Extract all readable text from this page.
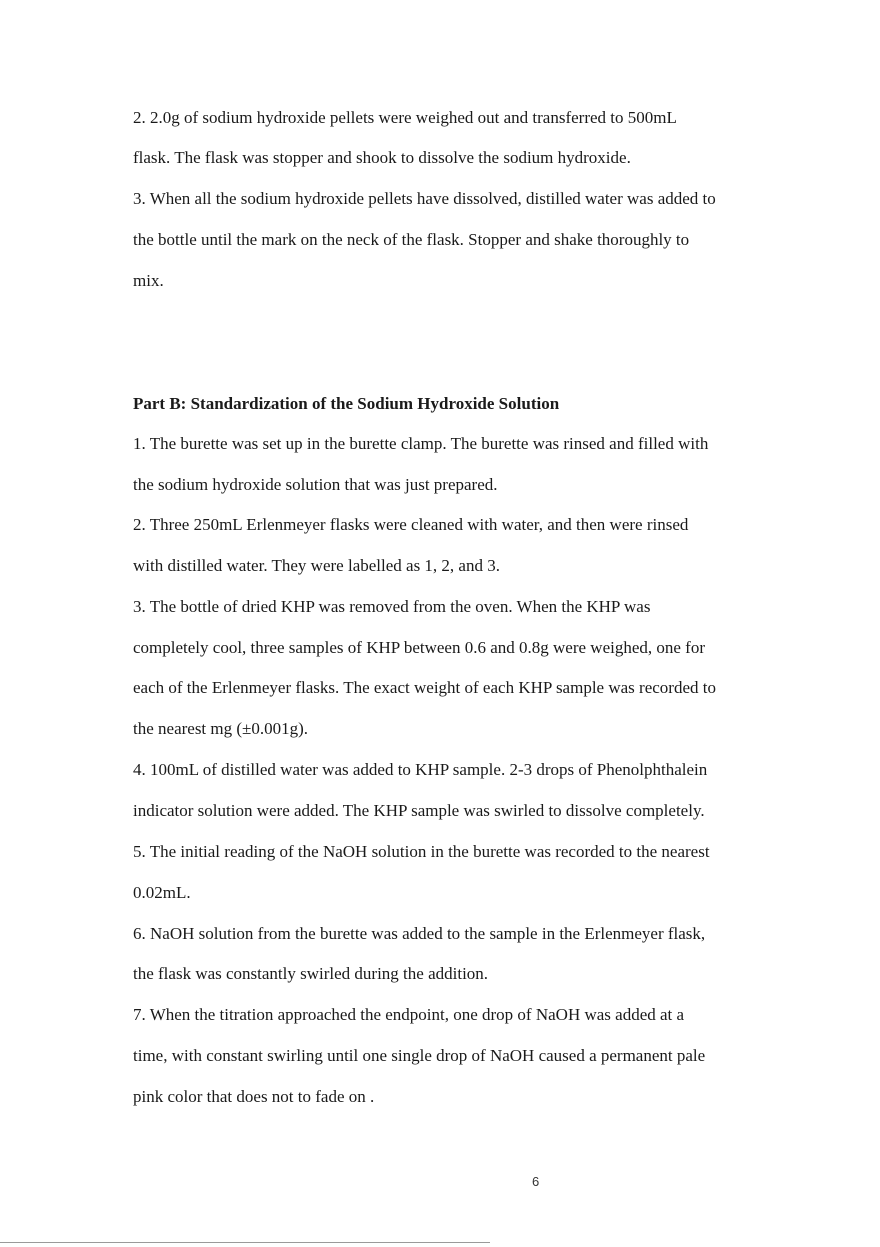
2. 2.0g of sodium hydroxide pellets were weighed out and transferred to 500mL
flask. The flask was stopper and shook to dissolve the sodium hydroxide.
3. When all the sodium hydroxide pellets have dissolved, distilled water was added to
the bottle until the mark on the neck of the flask. Stopper and shake thoroughly to
mix.
Part B: Standardization of the Sodium Hydroxide Solution
1. The burette was set up in the burette clamp. The burette was rinsed and filled with
the sodium hydroxide solution that was just prepared.
2. Three 250mL Erlenmeyer flasks were cleaned with water, and then were rinsed
with distilled water. They were labelled as 1, 2, and 3.
3. The bottle of dried KHP was removed from the oven. When the KHP was
completely cool, three samples of KHP between 0.6 and 0.8g were weighed, one for
each of the Erlenmeyer flasks. The exact weight of each KHP sample was recorded to
the nearest mg (±0.001g).
4. 100mL of distilled water was added to KHP sample. 2-3 drops of Phenolphthalein
indicator solution were added. The KHP sample was swirled to dissolve completely.
5. The initial reading of the NaOH solution in the burette was recorded to the nearest
0.02mL.
6. NaOH solution from the burette was added to the sample in the Erlenmeyer flask,
the flask was constantly swirled during the addition.
7. When the titration approached the endpoint, one drop of NaOH was added at a
time, with constant swirling until one single drop of NaOH caused a permanent pale
pink color that does not to fade on .
6
